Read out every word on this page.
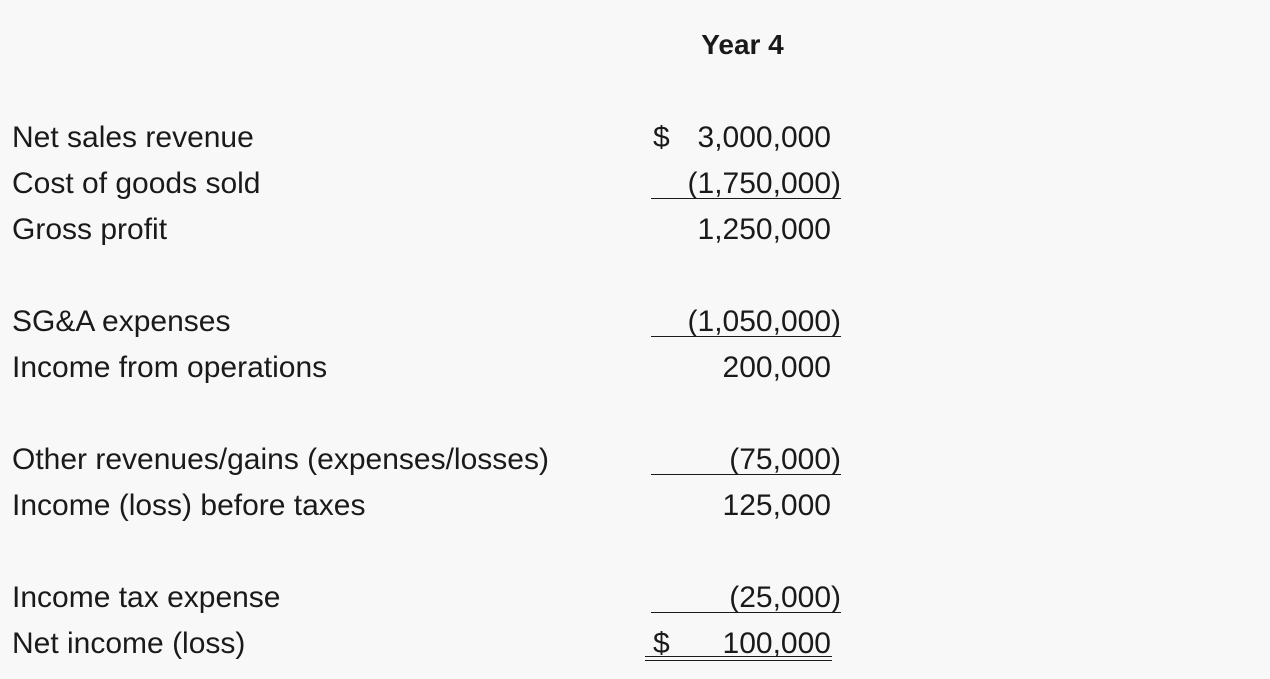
Year 4
Net sales revenue	$ 3,000,000
Cost of goods sold	(1,750,000)
Gross profit	1,250,000
SG&A expenses	(1,050,000)
Income from operations	200,000
Other revenues/gains (expenses/losses)	(75,000)
Income (loss) before taxes	125,000
Income tax expense	(25,000)
Net income (loss)	$ 100,000
